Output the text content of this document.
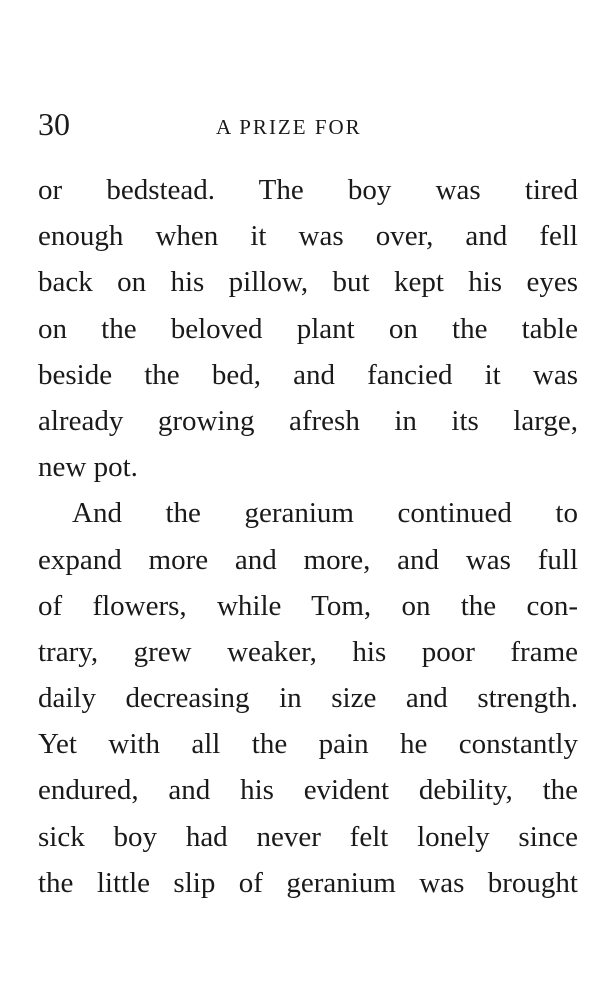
30	A PRIZE FOR
or bedstead. The boy was tired
enough when it was over, and fell
back on his pillow, but kept his eyes
on the beloved plant on the table
beside the bed, and fancied it was
already growing afresh in its large,
new pot.
And the geranium continued to
expand more and more, and was full
of flowers, while Tom, on the con-
trary, grew weaker, his poor frame
daily decreasing in size and strength.
Yet with all the pain he constantly
endured, and his evident debility, the
sick boy had never felt lonely since
the little slip of geranium was brought
